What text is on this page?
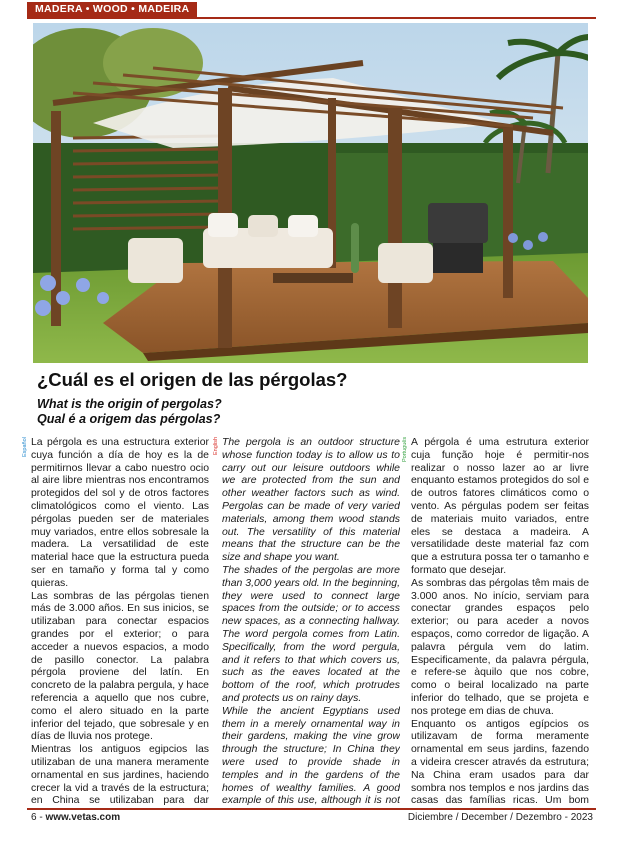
MADERA • WOOD • MADEIRA
¿Cuál es el origen de las pérgolas?
What is the origin of pergolas?
Qual é a origem das pérgolas?
Español	English	Português

La pérgola es una estructura exterior cuya función a día de hoy es la de permitirnos llevar a cabo nuestro ocio al aire libre mientras nos encontramos protegidos del sol y de otros factores climatológicos como el viento. Las pérgolas pueden ser de materiales muy variados, entre ellos sobresale la madera. La versatilidad de este material hace que la estructura pueda ser en tamaño y forma tal y como quieras.

Las sombras de las pérgolas tienen más de 3.000 años. En sus inicios, se utilizaban para conectar espacios grandes por el exterior; o para acceder a nuevos espacios, a modo de pasillo conector. La palabra pérgola proviene del latín. En concreto de la palabra pergula, y hace referencia a aquello que nos cubre, como el alero situado en la parte inferior del tejado, que sobresale y en días de lluvia nos protege.

Mientras los antiguos egipcios las utilizaban de una manera meramente ornamental en sus jardines, haciendo crecer la vid a través de la estructura; en China se utilizaban para dar

The pergola is an outdoor structure whose function today is to allow us to carry out our leisure outdoors while we are protected from the sun and other weather factors such as wind. Pergolas can be made of very varied materials, among them wood stands out. The versatility of this material means that the structure can be the size and shape you want.

The shades of the pergolas are more than 3,000 years old. In the beginning, they were used to connect large spaces from the outside; or to access new spaces, as a connecting hallway. The word pergola comes from Latin. Specifically, from the word pergula, and it refers to that which covers us, such as the eaves located at the bottom of the roof, which protrudes and protects us on rainy days.

While the ancient Egyptians used them in a merely ornamental way in their gardens, making the vine grow through the structure; In China they were used to provide shade in temples and in the gardens of the homes of wealthy families. A good example of this use, although it is not

A pérgola é uma estrutura exterior cuja função hoje é permitir-nos realizar o nosso lazer ao ar livre enquanto estamos protegidos do sol e de outros fatores climáticos como o vento. As pérgulas podem ser feitas de materiais muito variados, entre eles se destaca a madeira. A versatilidade deste material faz com que a estrutura possa ter o tamanho e formato que desejar.

As sombras das pérgolas têm mais de 3.000 anos. No início, serviam para conectar grandes espaços pelo exterior; ou para aceder a novos espaços, como corredor de ligação. A palavra pérgula vem do latim. Especificamente, da palavra pérgula, e refere-se àquilo que nos cobre, como o beiral localizado na parte inferior do telhado, que se projeta e nos protege em dias de chuva.

Enquanto os antigos egípcios os utilizavam de forma meramente ornamental em seus jardins, fazendo a videira crescer através da estrutura; Na China eram usados para dar sombra nos templos e nos jardins das casas das famílias ricas. Um bom

6 - www.vetas.com	Diciembre / December / Dezembro - 2023
